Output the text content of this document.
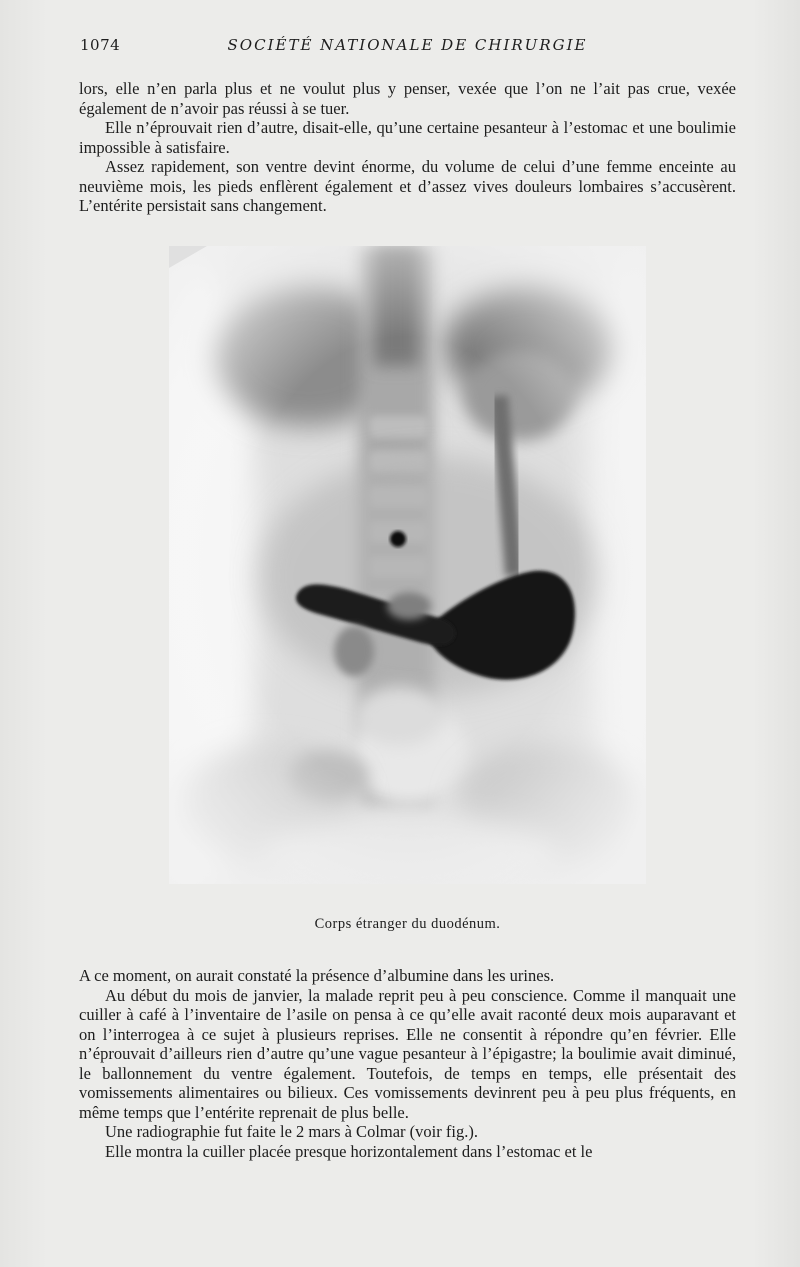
1074	SOCIÉTÉ NATIONALE DE CHIRURGIE

lors, elle n’en parla plus et ne voulut plus y penser, vexée que l’on ne l’ait pas crue, vexée également de n’avoir pas réussi à se tuer.

Elle n’éprouvait rien d’autre, disait-elle, qu’une certaine pesanteur à l’estomac et une boulimie impossible à satisfaire.

Assez rapidement, son ventre devint énorme, du volume de celui d’une femme enceinte au neuvième mois, les pieds enflèrent également et d’assez vives douleurs lombaires s’accusèrent. L’entérite persistait sans changement.

Corps étranger du duodénum.

A ce moment, on aurait constaté la présence d’albumine dans les urines.

Au début du mois de janvier, la malade reprit peu à peu conscience. Comme il manquait une cuiller à café à l’inventaire de l’asile on pensa à ce qu’elle avait raconté deux mois auparavant et on l’interrogea à ce sujet à plusieurs reprises. Elle ne consentit à répondre qu’en février. Elle n’éprouvait d’ailleurs rien d’autre qu’une vague pesanteur à l’épigastre; la boulimie avait diminué, le ballonnement du ventre également. Toutefois, de temps en temps, elle présentait des vomissements alimentaires ou bilieux. Ces vomissements devinrent peu à peu plus fréquents, en même temps que l’entérite reprenait de plus belle.

Une radiographie fut faite le 2 mars à Colmar (voir fig.).

Elle montra la cuiller placée presque horizontalement dans l’estomac et le
